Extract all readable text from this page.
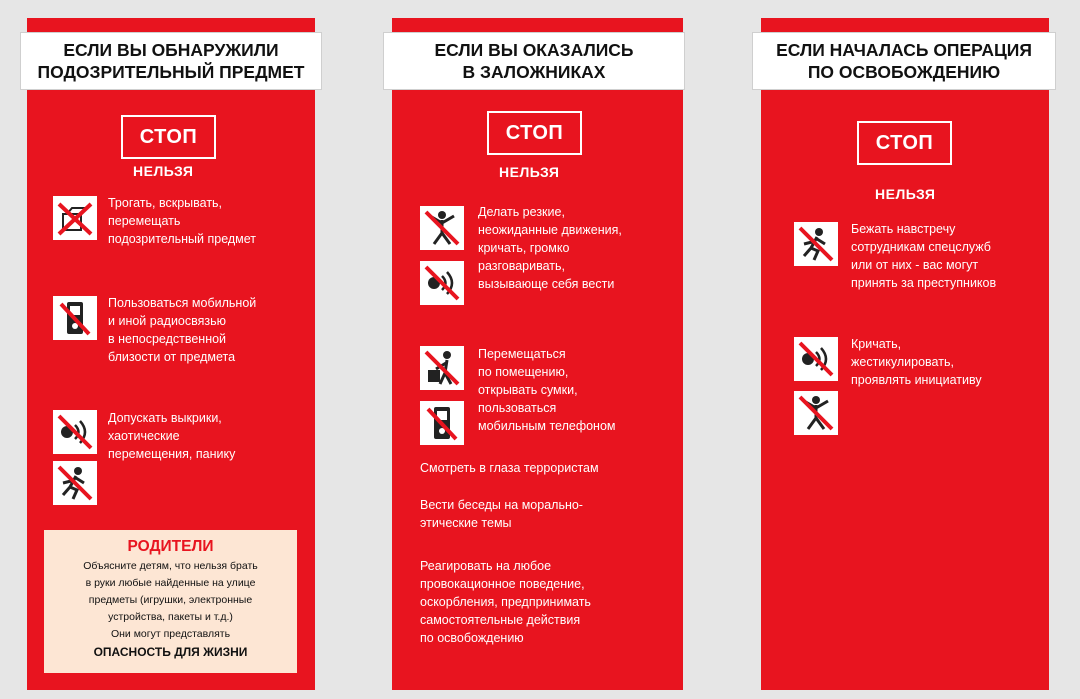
ЕСЛИ ВЫ ОБНАРУЖИЛИ
ПОДОЗРИТЕЛЬНЫЙ ПРЕДМЕТ
ЕСЛИ ВЫ ОКАЗАЛИСЬ
В ЗАЛОЖНИКАХ
ЕСЛИ НАЧАЛАСЬ ОПЕРАЦИЯ
ПО ОСВОБОЖДЕНИЮ
СТОП	СТОП	СТОП
НЕЛЬЗЯ	НЕЛЬЗЯ
НЕЛЬЗЯ
Трогать, вскрывать,
перемещать
подозрительный предмет
Пользоваться мобильной
и иной радиосвязью
в непосредственной
близости от предмета
Допускать выкрики,
хаотические
перемещения, панику
РОДИТЕЛИ
Объясните детям, что нельзя брать
в руки любые найденные на улице
предметы (игрушки, электронные
устройства, пакеты и т.д.)
Они могут представлять
ОПАСНОСТЬ ДЛЯ ЖИЗНИ
Делать резкие,
неожиданные движения,
кричать, громко
разговаривать,
вызывающе себя вести
Перемещаться
по помещению,
открывать сумки,
пользоваться
мобильным телефоном
Смотреть в глаза террористам
Вести беседы на морально-
этические темы
Реагировать на любое
провокационное поведение,
оскорбления, предпринимать
самостоятельные действия
по освобождению
Бежать навстречу
сотрудникам спецслужб
или от них - вас могут
принять за преступников
Кричать,
жестикулировать,
проявлять инициативу
